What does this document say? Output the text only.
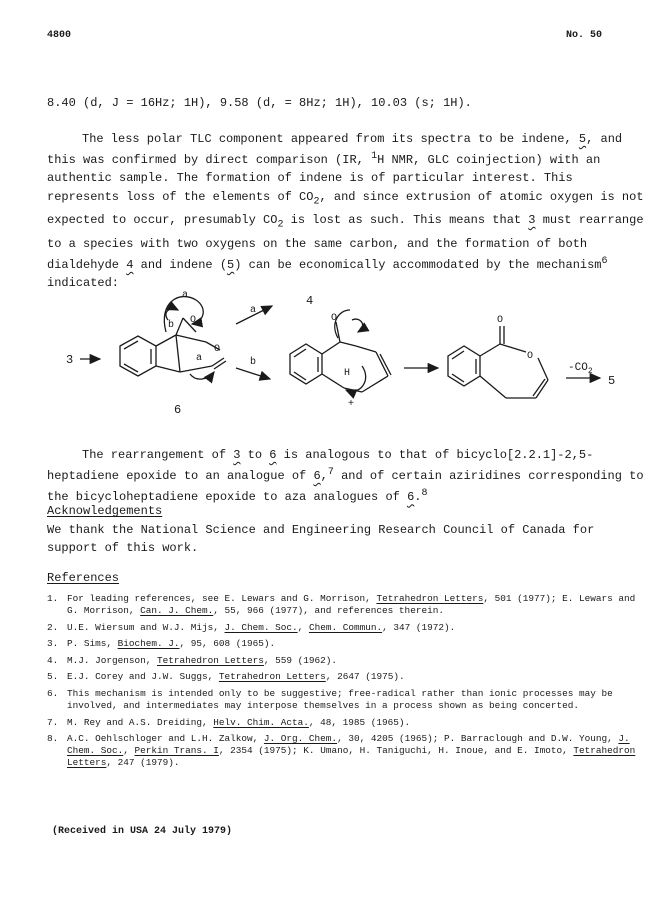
4800	No. 50
8.40 (d, J = 16Hz; 1H), 9.58 (d, = 8Hz; 1H), 10.03 (s; 1H).

The less polar TLC component appeared from its spectra to be indene, 5, and this was confirmed by direct comparison (IR, $^1$H NMR, GLC coinjection) with an authentic sample. The formation of indene is of particular interest. This represents loss of the elements of $CO_2$, and since extrusion of atomic oxygen is not expected to occur, presumably $CO_2$ is lost as such. This means that 3 must rearrange to a species with two oxygens on the same carbon, and the formation of both dialdehyde 4 and indene (5) can be economically accommodated by the mechanism$^6$ indicated:

3
a
b O
O
a
6
a
4
b
O
H
+
O
O
$-CO_2$
5

The rearrangement of 3 to 6 is analogous to that of bicyclo[2.2.1]-2,5-heptadiene epoxide to an analogue of 6,$^7$ and of certain aziridines corresponding to the bicycloheptadiene epoxide to aza analogues of 6.$^8$

Acknowledgements
We thank the National Science and Engineering Research Council of Canada for support of this work.
References
1. For leading references, see E. Lewars and G. Morrison, Tetrahedron Letters, 501 (1977); E. Lewars and G. Morrison, Can. J. Chem., 55, 966 (1977), and references therein.
2. U.E. Wiersum and W.J. Mijs, J. Chem. Soc., Chem. Commun., 347 (1972).
3. P. Sims, Biochem. J., 95, 608 (1965).
4. M.J. Jorgenson, Tetrahedron Letters, 559 (1962).
5. E.J. Corey and J.W. Suggs, Tetrahedron Letters, 2647 (1975).
6. This mechanism is intended only to be suggestive; free-radical rather than ionic processes may be involved, and intermediates may interpose themselves in a process shown as being concerted.
7. M. Rey and A.S. Dreiding, Helv. Chim. Acta., 48, 1985 (1965).
8. A.C. Oehlschloger and L.H. Zalkow, J. Org. Chem., 30, 4205 (1965); P. Barraclough and D.W. Young, J. Chem. Soc., Perkin Trans. I, 2354 (1975); K. Umano, H. Taniguchi, H. Inoue, and E. Imoto, Tetrahedron Letters, 247 (1979).
(Received in USA 24 July 1979)
